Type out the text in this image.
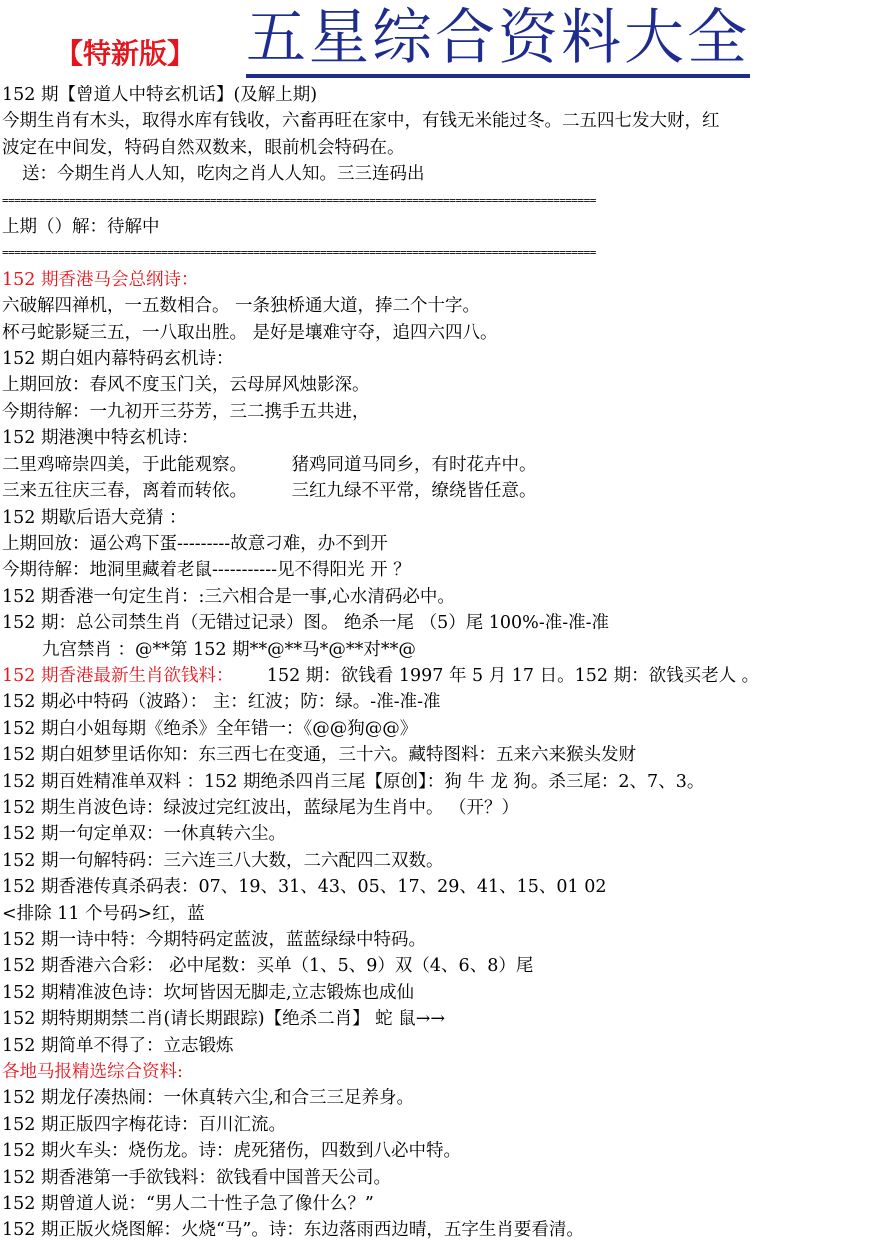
【特新版】 五星综合资料大全
152 期【曾道人中特玄机话】(及解上期)
今期生肖有木头，取得水库有钱收，六畜再旺在家中，有钱无米能过冬。二五四七发大财，红
波定在中间发，特码自然双数来，眼前机会特码在。
送：今期生肖人人知，吃肉之肖人人知。三三连码出
=================================================================================================
上期（）解：待解中
=================================================================================================
152 期香港马会总纲诗：
六破解四禅机，一五数相合。 一条独桥通大道，捧二个十字。
杯弓蛇影疑三五，一八取出胜。 是好是壤难守夺，追四六四八。
152 期白姐内幕特码玄机诗：
上期回放：春风不度玉门关，云母屏风烛影深。
今期待解：一九初开三芬芳，三二携手五共进，
152 期港澳中特玄机诗：
二里鸡啼崇四美，于此能观察。        猪鸡同道马同乡，有时花卉中。
三来五往庆三春，离着而转依。        三红九绿不平常，缭绕皆任意。
152 期歇后语大竞猜 ：
上期回放：逼公鸡下蛋---------故意刁难，办不到开
今期待解：地洞里藏着老鼠-----------见不得阳光 开 ？
152 期香港一句定生肖：:三六相合是一事,心水清码必中。
152 期：总公司禁生肖（无错过记录）图。 绝杀一尾 （5）尾 100%-准-准-准
九宫禁肖 ：@**第 152 期**@**马*@**对**@
152 期香港最新生肖欲钱料：      152 期：欲钱看 1997 年 5 月 17 日。152 期：欲钱买老人 。
152 期必中特码（波路）： 主：红波；防：绿。-准-准-准
152 期白小姐每期《绝杀》全年错一：《@@狗@@》
152 期白姐梦里话你知：东三西七在变通，三十六。藏特图料：五来六来猴头发财
152 期百姓精准单双料 ：152 期绝杀四肖三尾【原创】：狗 牛 龙 狗。杀三尾：2、7、3。
152 期生肖波色诗：绿波过完红波出，蓝绿尾为生肖中。 （开？）
152 期一句定单双：一休真转六尘。
152 期一句解特码：三六连三八大数，二六配四二双数。
152 期香港传真杀码表：07、19、31、43、05、17、29、41、15、01 02
<排除 11 个号码>红，蓝
152 期一诗中特：今期特码定蓝波，蓝蓝绿绿中特码。
152 期香港六合彩： 必中尾数：买单（1、5、9）双（4、6、8）尾
152 期精准波色诗：坎坷皆因无脚走,立志锻炼也成仙
152 期特期期禁二肖(请长期跟踪)【绝杀二肖】 蛇 鼠→→
152 期简单不得了：立志锻炼
各地马报精选综合资料:
152 期龙仔凑热闹：一休真转六尘,和合三三足养身。
152 期正版四字梅花诗：百川汇流。
152 期火车头：烧伤龙。诗：虎死猪伤，四数到八必中特。
152 期香港第一手欲钱料：欲钱看中国普天公司。
152 期曾道人说：“男人二十性子急了像什么？”
152 期正版火烧图解：火烧“马”。诗：东边落雨西边晴，五字生肖要看清。
